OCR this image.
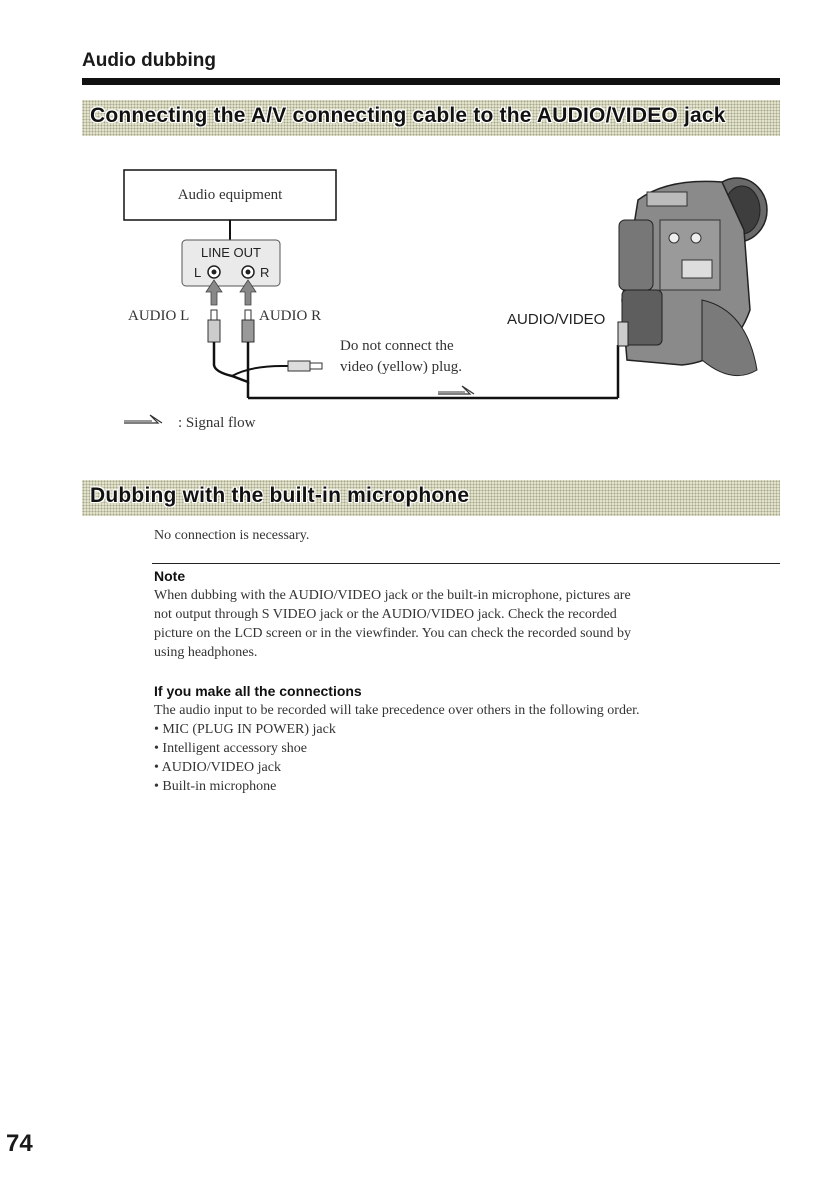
Audio dubbing
Connecting the A/V connecting cable to the AUDIO/VIDEO jack
Audio equipment
LINE OUT
L	R
AUDIO L	AUDIO R
Do not connect the
video (yellow) plug.
AUDIO/VIDEO
: Signal flow
Dubbing with the built-in microphone
No connection is necessary.
Note
When dubbing with the AUDIO/VIDEO jack or the built-in microphone, pictures are
not output through S VIDEO jack or the AUDIO/VIDEO jack. Check the recorded
picture on the LCD screen or in the viewfinder. You can check the recorded sound by
using headphones.
If you make all the connections
The audio input to be recorded will take precedence over others in the following order.
• MIC (PLUG IN POWER) jack
• Intelligent accessory shoe
• AUDIO/VIDEO jack
• Built-in microphone
74
